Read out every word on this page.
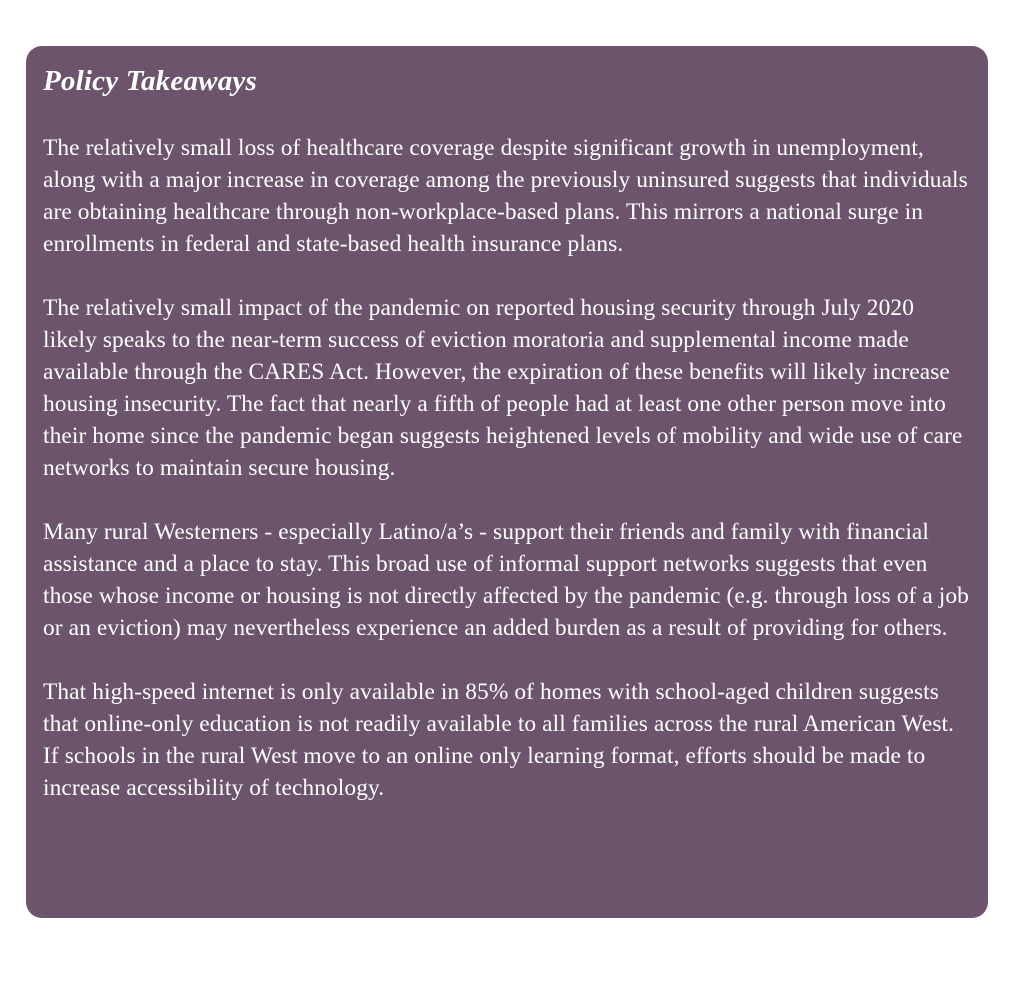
Policy Takeaways

The relatively small loss of healthcare coverage despite significant growth in unemployment, along with a major increase in coverage among the previously uninsured suggests that individuals are obtaining healthcare through non-workplace-based plans. This mirrors a national surge in enrollments in federal and state-based health insurance plans.

The relatively small impact of the pandemic on reported housing security through July 2020 likely speaks to the near-term success of eviction moratoria and supplemental income made available through the CARES Act. However, the expiration of these benefits will likely increase housing insecurity. The fact that nearly a fifth of people had at least one other person move into their home since the pandemic began suggests heightened levels of mobility and wide use of care networks to maintain secure housing.

Many rural Westerners - especially Latino/a’s - support their friends and family with financial assistance and a place to stay. This broad use of informal support networks suggests that even those whose income or housing is not directly affected by the pandemic (e.g. through loss of a job or an eviction) may nevertheless experience an added burden as a result of providing for others.

That high-speed internet is only available in 85% of homes with school-aged children suggests that online-only education is not readily available to all families across the rural American West. If schools in the rural West move to an online only learning format, efforts should be made to increase accessibility of technology.
